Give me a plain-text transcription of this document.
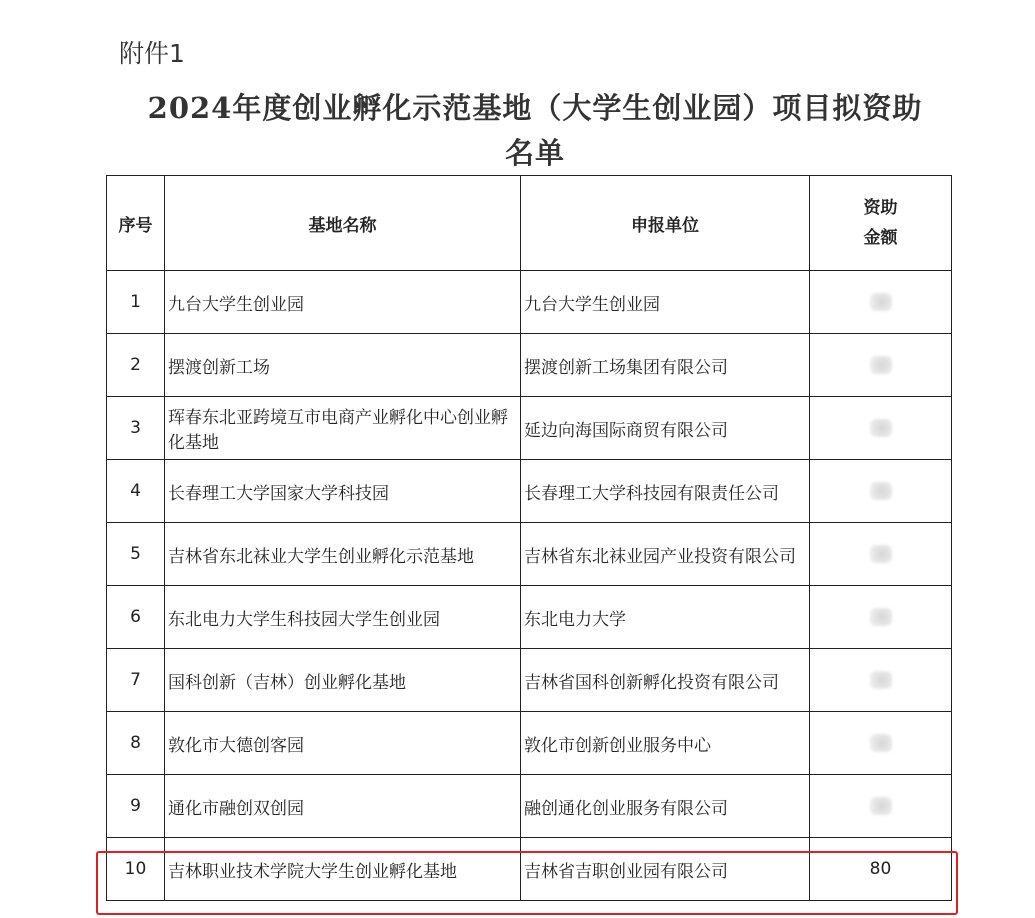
附件1
2024年度创业孵化示范基地（大学生创业园）项目拟资助
名单
序号	基地名称	申报单位	资助
金额
1	九台大学生创业园	九台大学生创业园	
2	摆渡创新工场	摆渡创新工场集团有限公司	
3	珲春东北亚跨境互市电商产业孵化中心创业孵化基地	延边向海国际商贸有限公司	
4	长春理工大学国家大学科技园	长春理工大学科技园有限责任公司	
5	吉林省东北袜业大学生创业孵化示范基地	吉林省东北袜业园产业投资有限公司	
6	东北电力大学生科技园大学生创业园	东北电力大学	
7	国科创新（吉林）创业孵化基地	吉林省国科创新孵化投资有限公司	
8	敦化市大德创客园	敦化市创新创业服务中心	
9	通化市融创双创园	融创通化创业服务有限公司	
10	吉林职业技术学院大学生创业孵化基地	吉林省吉职创业园有限公司	80
